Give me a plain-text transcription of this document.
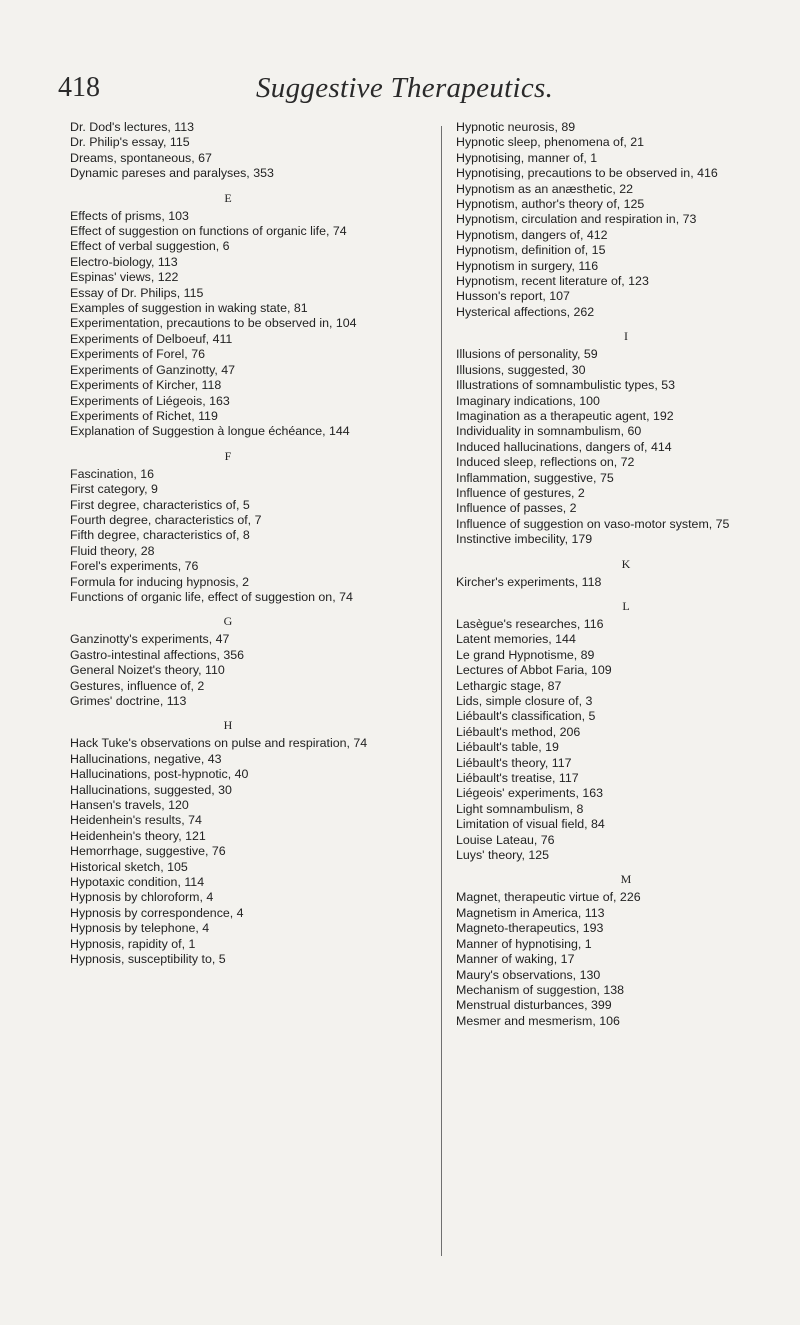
418	Suggestive Therapeutics.
Dr. Dod's lectures, 113
Dr. Philip's essay, 115
Dreams, spontaneous, 67
Dynamic pareses and paralyses, 353
E
Effects of prisms, 103
Effect of suggestion on functions of organic life, 74
Effect of verbal suggestion, 6
Electro-biology, 113
Espinas' views, 122
Essay of Dr. Philips, 115
Examples of suggestion in waking state, 81
Experimentation, precautions to be observed in, 104
Experiments of Delboeuf, 411
Experiments of Forel, 76
Experiments of Ganzinotty, 47
Experiments of Kircher, 118
Experiments of Liégeois, 163
Experiments of Richet, 119
Explanation of Suggestion à longue échéance, 144
F
Fascination, 16
First category, 9
First degree, characteristics of, 5
Fourth degree, characteristics of, 7
Fifth degree, characteristics of, 8
Fluid theory, 28
Forel's experiments, 76
Formula for inducing hypnosis, 2
Functions of organic life, effect of suggestion on, 74
G
Ganzinotty's experiments, 47
Gastro-intestinal affections, 356
General Noizet's theory, 110
Gestures, influence of, 2
Grimes' doctrine, 113
H
Hack Tuke's observations on pulse and respiration, 74
Hallucinations, negative, 43
Hallucinations, post-hypnotic, 40
Hallucinations, suggested, 30
Hansen's travels, 120
Heidenhein's results, 74
Heidenhein's theory, 121
Hemorrhage, suggestive, 76
Historical sketch, 105
Hypotaxic condition, 114
Hypnosis by chloroform, 4
Hypnosis by correspondence, 4
Hypnosis by telephone, 4
Hypnosis, rapidity of, 1
Hypnosis, susceptibility to, 5
Hypnotic neurosis, 89
Hypnotic sleep, phenomena of, 21
Hypnotising, manner of, 1
Hypnotising, precautions to be observed in, 416
Hypnotism as an anæsthetic, 22
Hypnotism, author's theory of, 125
Hypnotism, circulation and respiration in, 73
Hypnotism, dangers of, 412
Hypnotism, definition of, 15
Hypnotism in surgery, 116
Hypnotism, recent literature of, 123
Husson's report, 107
Hysterical affections, 262
I
Illusions of personality, 59
Illusions, suggested, 30
Illustrations of somnambulistic types, 53
Imaginary indications, 100
Imagination as a therapeutic agent, 192
Individuality in somnambulism, 60
Induced hallucinations, dangers of, 414
Induced sleep, reflections on, 72
Inflammation, suggestive, 75
Influence of gestures, 2
Influence of passes, 2
Influence of suggestion on vaso-motor system, 75
Instinctive imbecility, 179
K
Kircher's experiments, 118
L
Lasègue's researches, 116
Latent memories, 144
Le grand Hypnotisme, 89
Lectures of Abbot Faria, 109
Lethargic stage, 87
Lids, simple closure of, 3
Liébault's classification, 5
Liébault's method, 206
Liébault's table, 19
Liébault's theory, 117
Liébault's treatise, 117
Liégeois' experiments, 163
Light somnambulism, 8
Limitation of visual field, 84
Louise Lateau, 76
Luys' theory, 125
M
Magnet, therapeutic virtue of, 226
Magnetism in America, 113
Magneto-therapeutics, 193
Manner of hypnotising, 1
Manner of waking, 17
Maury's observations, 130
Mechanism of suggestion, 138
Menstrual disturbances, 399
Mesmer and mesmerism, 106
